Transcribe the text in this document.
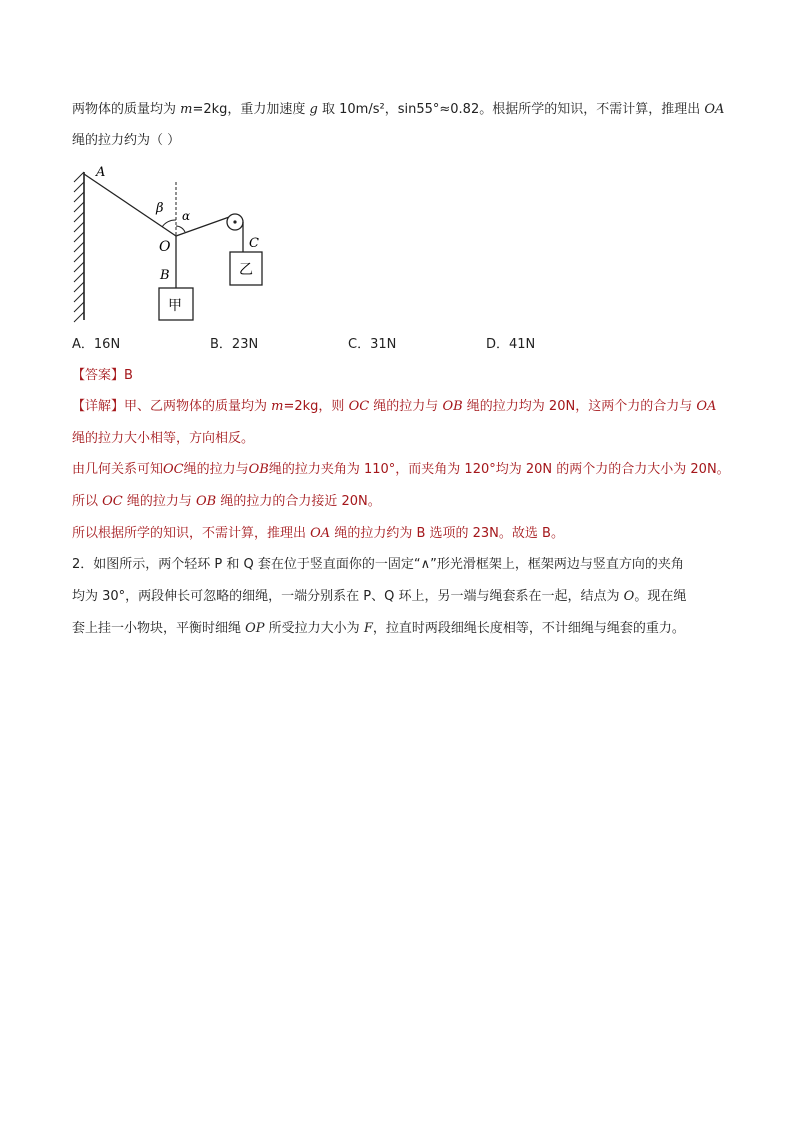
两物体的质量均为 m=2kg，重力加速度 g 取 10m/s²，sin55°≈0.82。根据所学的知识，不需计算，推理出 OA
绳的拉力约为（ ）
A
β α
O
B
C
乙
甲
A．16N	B．23N	C．31N	D．41N
【答案】B
【详解】甲、乙两物体的质量均为 m=2kg，则 OC 绳的拉力与 OB 绳的拉力均为 20N，这两个力的合力与 OA
绳的拉力大小相等，方向相反。
由几何关系可知OC绳的拉力与OB绳的拉力夹角为 110°，而夹角为 120°均为 20N 的两个力的合力大小为 20N。
所以 OC 绳的拉力与 OB 绳的拉力的合力接近 20N。
所以根据所学的知识，不需计算，推理出 OA 绳的拉力约为 B 选项的 23N。故选 B。
2．如图所示，两个轻环 P 和 Q 套在位于竖直面你的一固定“∧”形光滑框架上，框架两边与竖直方向的夹角
均为 30°，两段伸长可忽略的细绳，一端分别系在 P、Q 环上，另一端与绳套系在一起，结点为 O。现在绳
套上挂一小物块，平衡时细绳 OP 所受拉力大小为 F，拉直时两段细绳长度相等，不计细绳与绳套的重力。
